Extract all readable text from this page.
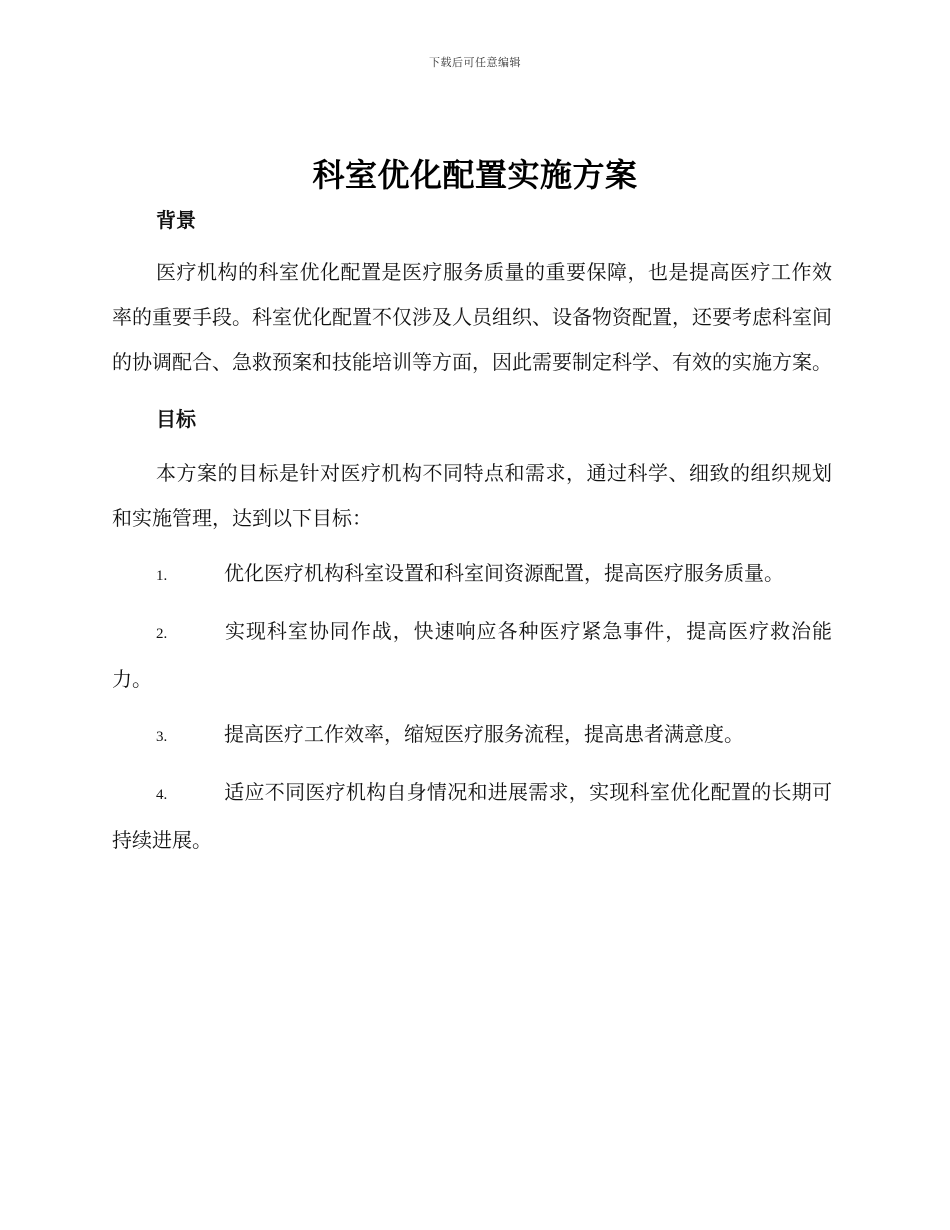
下载后可任意编辑
科室优化配置实施方案
背景

医疗机构的科室优化配置是医疗服务质量的重要保障，也是提高医疗工作效率的重要手段。科室优化配置不仅涉及人员组织、设备物资配置，还要考虑科室间的协调配合、急救预案和技能培训等方面，因此需要制定科学、有效的实施方案。

目标

本方案的目标是针对医疗机构不同特点和需求，通过科学、细致的组织规划和实施管理，达到以下目标：

1.	优化医疗机构科室设置和科室间资源配置，提高医疗服务质量。

2.	实现科室协同作战，快速响应各种医疗紧急事件，提高医疗救治能力。

3.	提高医疗工作效率，缩短医疗服务流程，提高患者满意度。

4.	适应不同医疗机构自身情况和进展需求，实现科室优化配置的长期可持续进展。
